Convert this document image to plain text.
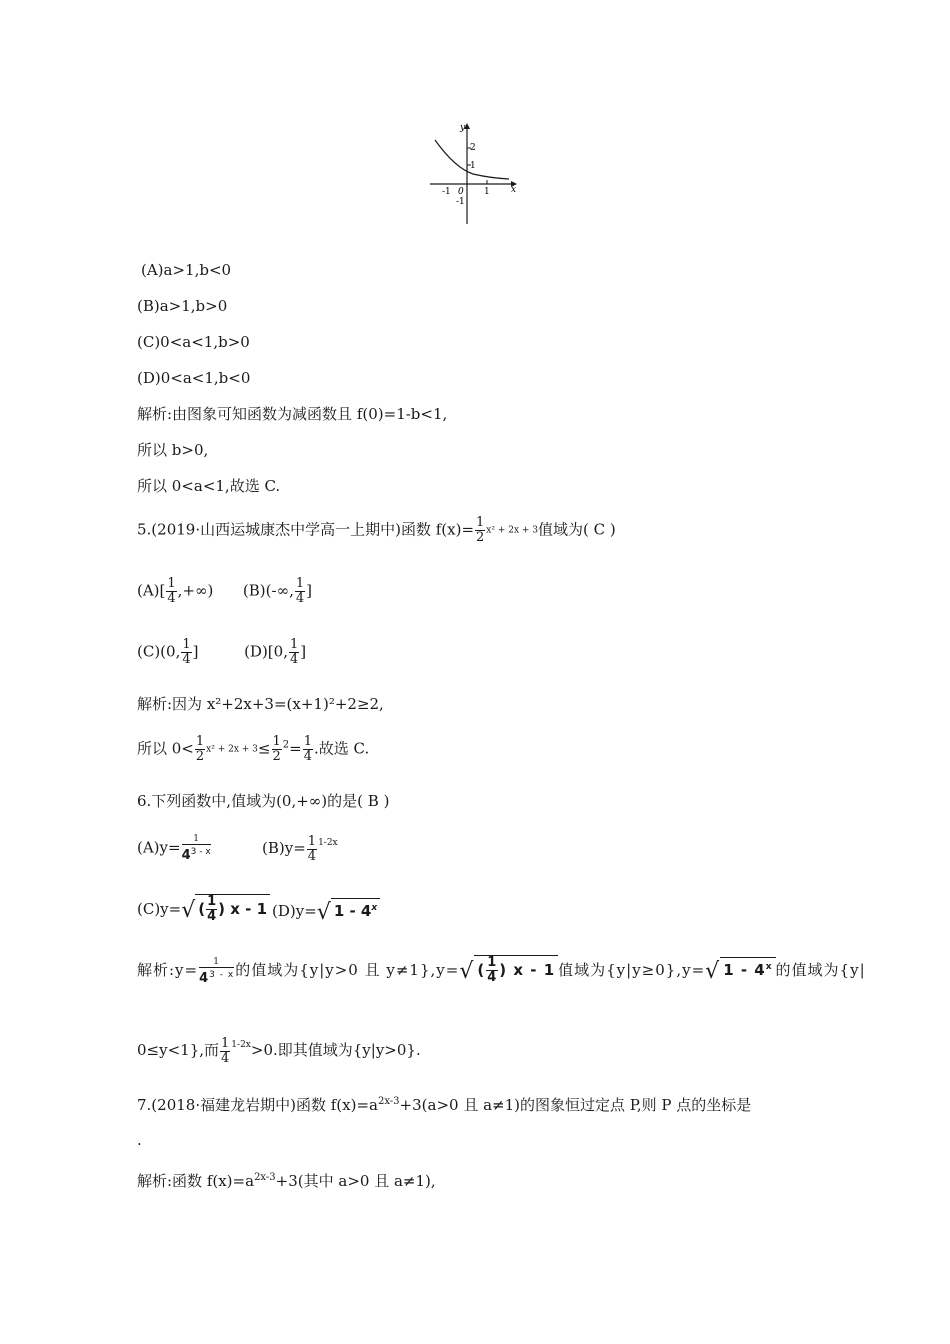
y
x
2
1
-1 0 1
-1
(A)a>1,b<0
(B)a>1,b>0
(C)0<a<1,b>0
(D)0<a<1,b<0
解析:由图象可知函数为减函数且 f(0)=1-b<1,
所以 b>0,
所以 0<a<1,故选 C.
5.(2019·山西运城康杰中学高一上期中)函数 $f(x)= \frac{1}{2} x^2 + 2x + 3$值域为( C )
$(A)[ \frac{1}{4}$ ,+∞) (B)(-∞, $\frac{1}{4}$ ]
(C)(0, $\frac{1}{4}$ ]	(D)[0, $\frac{1}{4}$ ]
解析:因为 x²+2x+3=(x+1)²+2≥2,
所以 $0< \frac{1}{2} x^2 + 2x + 3\le \frac{1}{2} ^2= \frac{1}{4}$ .故选 C.
6.下列函数中,值域为(0,+∞)的是( B )
$(A)y= \frac{1}{4^{3 - x}}$	$(B)y= \frac{1}{4} ^{1-2x}$
(C)y=√ ( $\frac{1}{4}$ ) x - 1 (D)y=√ 1 - 4$^x$
解析:y= $\frac{1}{4^{3 - x}}$ 的值域为{y|y>0 且 y≠1},y=√ ( $\frac{1}{4}$ ) x - 1 值域为{y|y≥0},y=√ 1 - 4$^x$ 的值域为{y|
0≤y<1},而 $\frac{1}{4} ^{1-2x}>0$.即其值域为{y|y>0}.
7.(2018·福建龙岩期中)函数 $f(x)=a^{2x-3}+3(a>0$ 且 a≠1)的图象恒过定点 P,则 P 点的坐标是
.
解析:函数 $f(x)=a^{2x-3}+3$(其中 a>0 且 a≠1),
